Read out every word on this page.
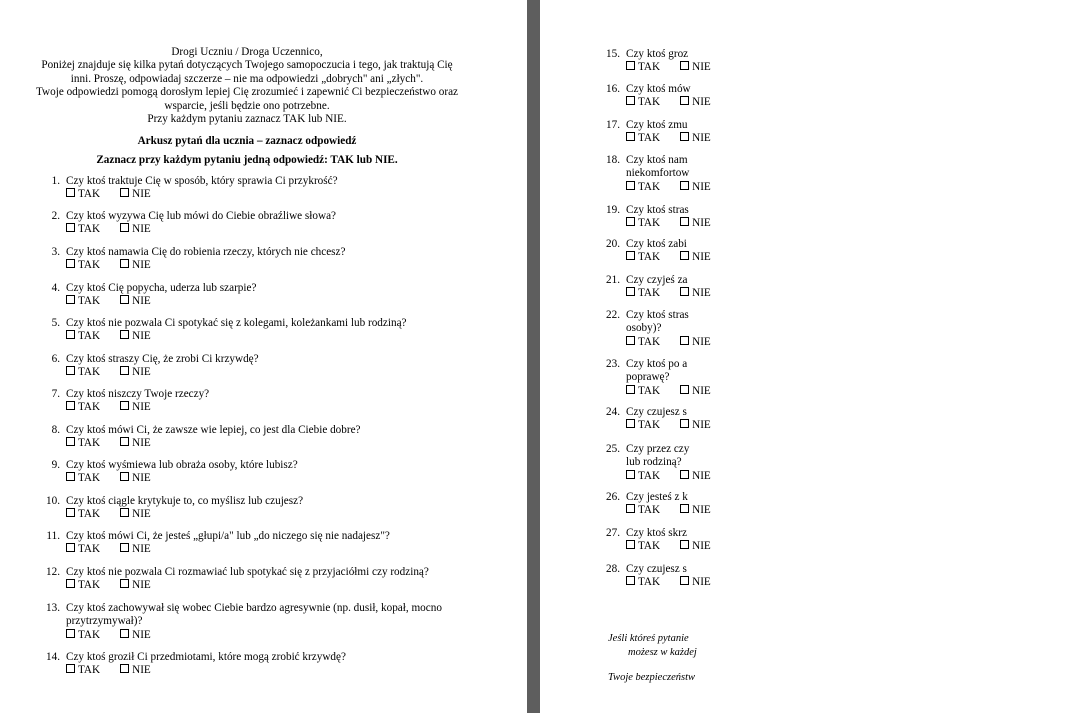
Drogi Uczniu / Droga Uczennico,
Poniżej znajduje się kilka pytań dotyczących Twojego samopoczucia i tego, jak traktują Cię
inni. Proszę, odpowiadaj szczerze – nie ma odpowiedzi „dobrych" ani „złych".
Twoje odpowiedzi pomogą dorosłym lepiej Cię zrozumieć i zapewnić Ci bezpieczeństwo oraz
wsparcie, jeśli będzie ono potrzebne.
Przy każdym pytaniu zaznacz TAK lub NIE.
Arkusz pytań dla ucznia – zaznacz odpowiedź
Zaznacz przy każdym pytaniu jedną odpowiedź: TAK lub NIE.
1. Czy ktoś traktuje Cię w sposób, który sprawia Ci przykrość?
TAK	NIE
2. Czy ktoś wyzywa Cię lub mówi do Ciebie obraźliwe słowa?
TAK	NIE
3. Czy ktoś namawia Cię do robienia rzeczy, których nie chcesz?
TAK	NIE
4. Czy ktoś Cię popycha, uderza lub szarpie?
TAK	NIE
5. Czy ktoś nie pozwala Ci spotykać się z kolegami, koleżankami lub rodziną?
TAK	NIE
6. Czy ktoś straszy Cię, że zrobi Ci krzywdę?
TAK	NIE
7. Czy ktoś niszczy Twoje rzeczy?
TAK	NIE
8. Czy ktoś mówi Ci, że zawsze wie lepiej, co jest dla Ciebie dobre?
TAK	NIE
9. Czy ktoś wyśmiewa lub obraża osoby, które lubisz?
TAK	NIE
10. Czy ktoś ciągle krytykuje to, co myślisz lub czujesz?
TAK	NIE
11. Czy ktoś mówi Ci, że jesteś „głupi/a" lub „do niczego się nie nadajesz"?
TAK	NIE
12. Czy ktoś nie pozwala Ci rozmawiać lub spotykać się z przyjaciółmi czy rodziną?
TAK	NIE
13. Czy ktoś zachowywał się wobec Ciebie bardzo agresywnie (np. dusił, kopał, mocno
przytrzymywał)?
TAK	NIE
14. Czy ktoś groził Ci przedmiotami, które mogą zrobić krzywdę?
TAK	NIE
15. Czy ktoś groz
TAK	NIE
16. Czy ktoś mów
TAK	NIE
17. Czy ktoś zmu
TAK	NIE
18. Czy ktoś nam
niekomfortow
TAK	NIE
19. Czy ktoś stras
TAK	NIE
20. Czy ktoś zabi
TAK	NIE
21. Czy czyjeś za
TAK	NIE
22. Czy ktoś stras
osoby)?
TAK	NIE
23. Czy ktoś po a
poprawę?
TAK	NIE
24. Czy czujesz s
TAK	NIE
25. Czy przez czy
lub rodziną?
TAK	NIE
26. Czy jesteś z k
TAK	NIE
27. Czy ktoś skrz
TAK	NIE
28. Czy czujesz s
TAK	NIE
Jeśli któreś pytanie
możesz w każdej
Twoje bezpieczeństw
